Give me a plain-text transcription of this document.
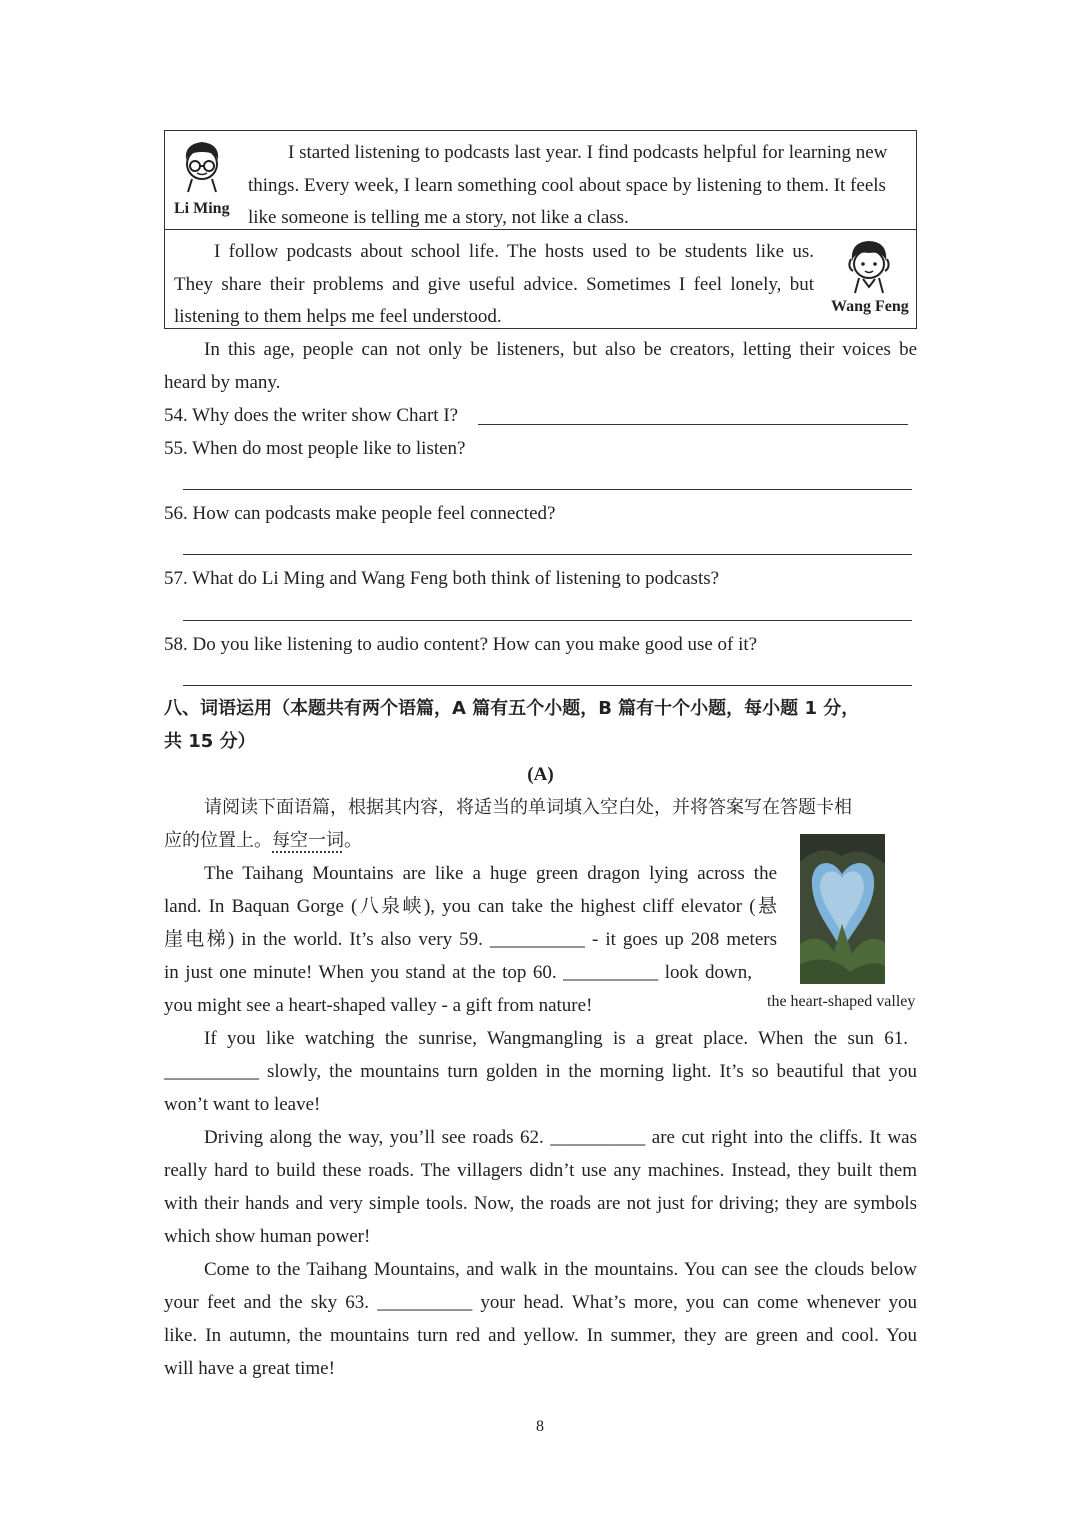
Li Ming
I started listening to podcasts last year. I find podcasts helpful for learning new
things. Every week, I learn something cool about space by listening to them. It feels
like someone is telling me a story, not like a class.
Wang Feng
I follow podcasts about school life. The hosts used to be students like us.
They share their problems and give useful advice. Sometimes I feel lonely, but
listening to them helps me feel understood.
In this age, people can not only be listeners, but also be creators, letting their voices be
heard by many.
54. Why does the writer show Chart I?
55. When do most people like to listen?
56. How can podcasts make people feel connected?
57. What do Li Ming and Wang Feng both think of listening to podcasts?
58. Do you like listening to audio content? How can you make good use of it?
八、词语运用（本题共有两个语篇，A 篇有五个小题，B 篇有十个小题，每小题 1 分，
共 15 分）
(A)
请阅读下面语篇，根据其内容，将适当的单词填入空白处，并将答案写在答题卡相
应的位置上。每空一词。
the heart-shaped valley
The Taihang Mountains are like a huge green dragon lying across the
land. In Baquan Gorge (八泉峡), you can take the highest cliff elevator (悬
崖电梯) in the world. It’s also very 59. __________ - it goes up 208 meters
in just one minute! When you stand at the top 60. __________ look down,
you might see a heart-shaped valley - a gift from nature!
If you like watching the sunrise, Wangmangling is a great place. When the sun 61.
__________ slowly, the mountains turn golden in the morning light. It’s so beautiful that you
won’t want to leave!
Driving along the way, you’ll see roads 62. __________ are cut right into the cliffs. It was
really hard to build these roads. The villagers didn’t use any machines. Instead, they built them
with their hands and very simple tools. Now, the roads are not just for driving; they are symbols
which show human power!
Come to the Taihang Mountains, and walk in the mountains. You can see the clouds below
your feet and the sky 63. __________ your head. What’s more, you can come whenever you
like. In autumn, the mountains turn red and yellow. In summer, they are green and cool. You
will have a great time!
8
